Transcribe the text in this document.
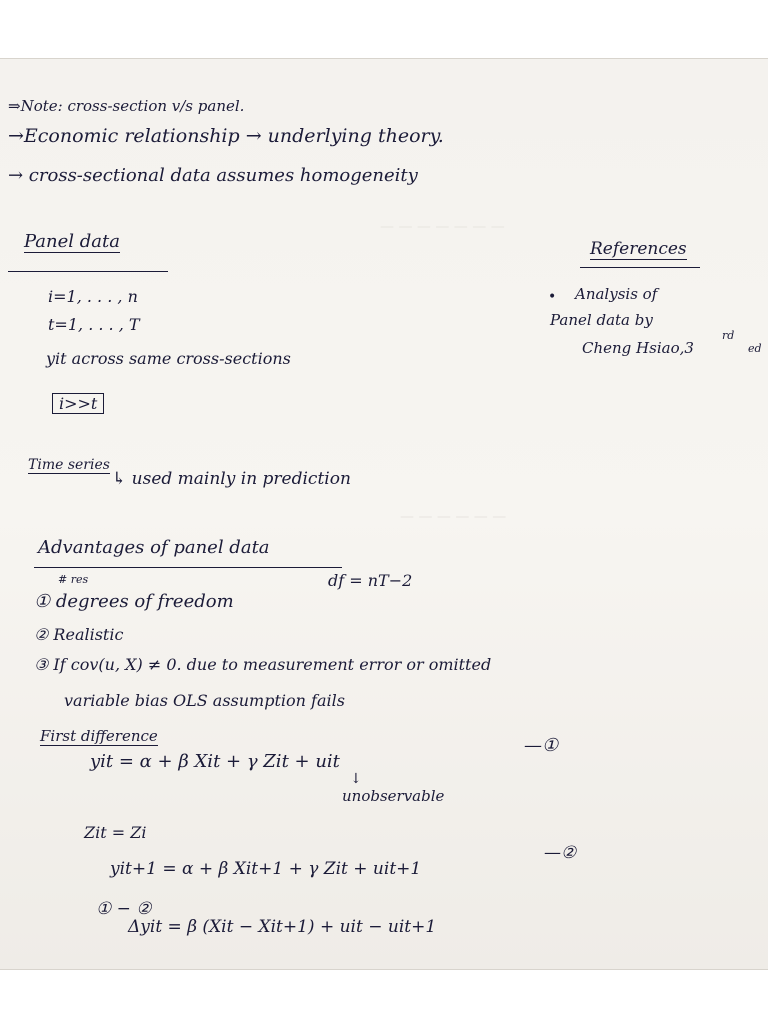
— — — — — — —
— — — — — —
⇒Note: cross-section v/s panel.
→Economic relationship → underlying theory.
→ cross-sectional data assumes homogeneity
Panel data	References
• Analysis of
Panel data by
Cheng Hsiao,3
rd
ed
i=1, . . . , n
t=1, . . . , T
yit across same cross-sections
i>>t
Time series
↳ used mainly in prediction
Advantages of panel data
# res
① degrees of freedom
df = nT−2
② Realistic
③ If cov(u, X) ≠ 0. due to measurement error or omitted
variable bias OLS assumption fails
First difference
yit = α + β Xit + γ Zit + uit
—①
↓
unobservable
Zit = Zi
yit+1 = α + β Xit+1 + γ Zit + uit+1
—②
① − ②
Δyit = β (Xit − Xit+1) + uit − uit+1
